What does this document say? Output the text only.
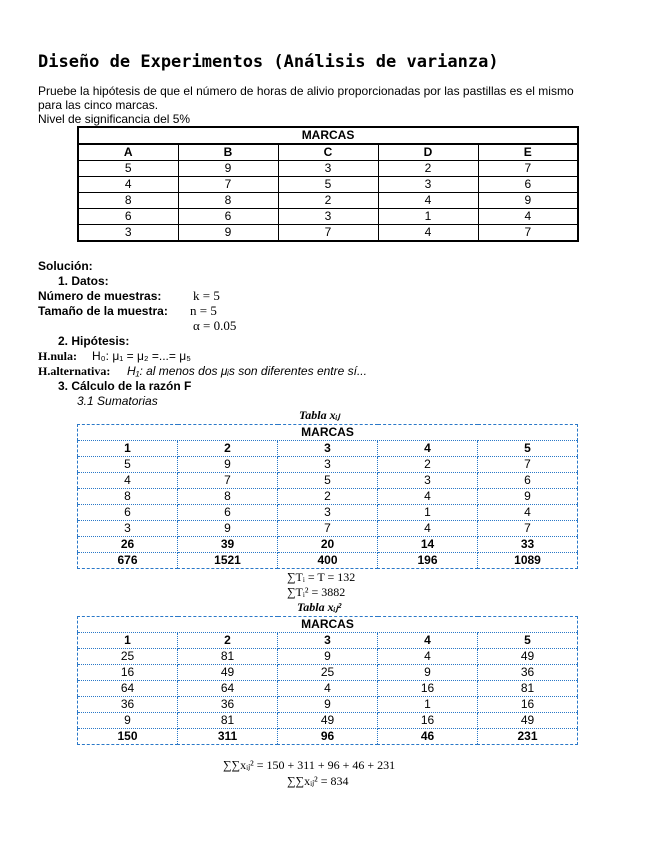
Diseño de Experimentos (Análisis de varianza)
Pruebe la hipótesis de que el número de horas de alivio proporcionadas por las pastillas es el mismo
para las cinco marcas.
Nivel de significancia del 5%
MARCAS				
A	B	C	D	E
5	9	3	2	7
4	7	5	3	6
8	8	2	4	9
6	6	3	1	4
3	9	7	4	7
Solución:
1. Datos:
Número de muestras: k = 5
Tamaño de la muestra: n = 5
α = 0.05
2. Hipótesis:
H.nula: H₀: μ₁ = μ₂ =...= μ₅
H.alternativa: H₁: al menos dos μᵢs son diferentes entre sí...
3. Cálculo de la razón F
3.1 Sumatorias
Tabla xᵢⱼ
MARCAS				
1	2	3	4	5
5	9	3	2	7
4	7	5	3	6
8	8	2	4	9
6	6	3	1	4
3	9	7	4	7
26	39	20	14	33
676	1521	400	196	1089
∑Tᵢ = T = 132
∑Tᵢ² = 3882
Tabla xᵢⱼ²
MARCAS				
1	2	3	4	5
25	81	9	4	49
16	49	25	9	36
64	64	4	16	81
36	36	9	1	16
9	81	49	16	49
150	311	96	46	231
∑∑xᵢⱼ² = 150 + 311 + 96 + 46 + 231
∑∑xᵢⱼ² = 834
